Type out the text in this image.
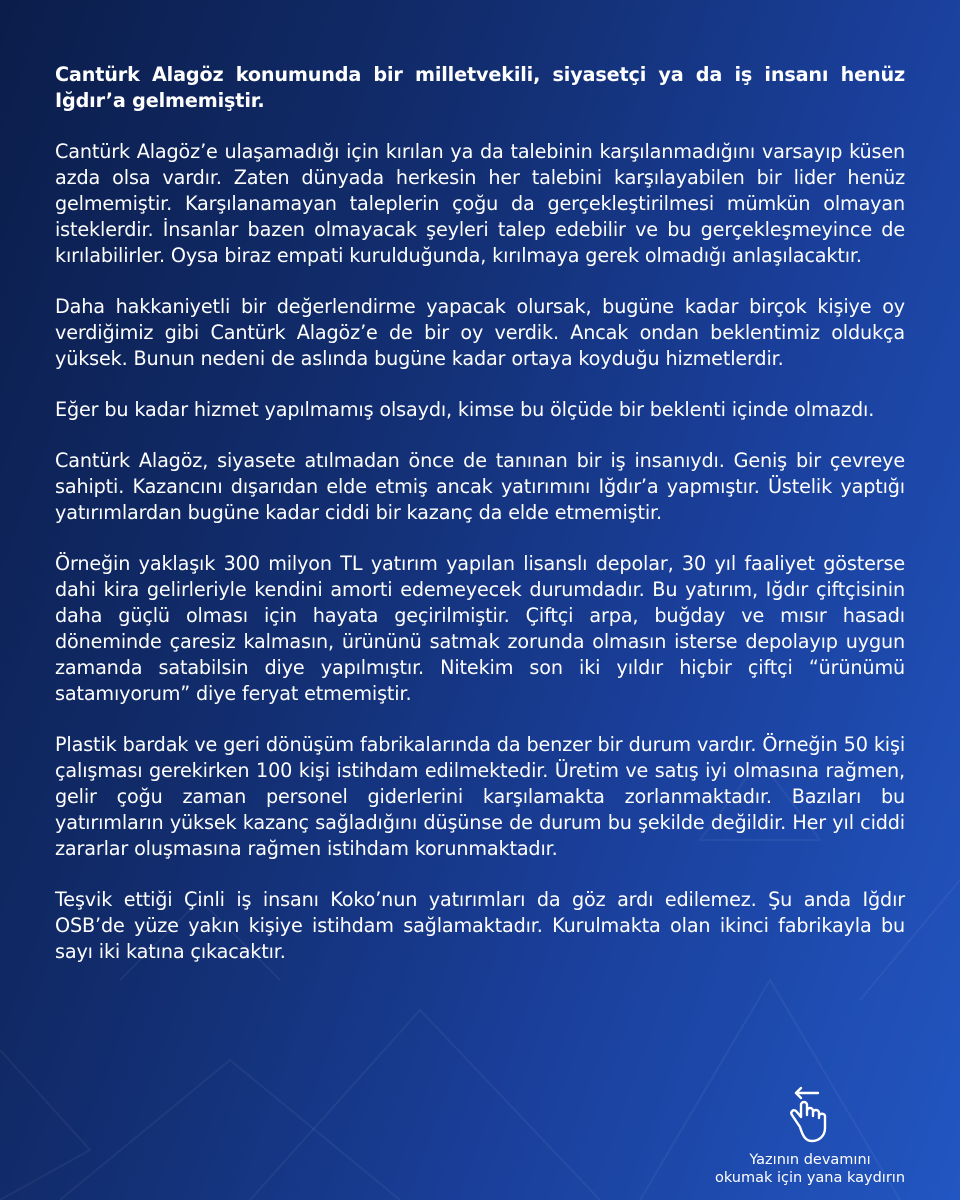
Cantürk Alagöz konumunda bir milletvekili, siyasetçi ya da iş insanı henüz Iğdır’a gelmemiştir.

Cantürk Alagöz’e ulaşamadığı için kırılan ya da talebinin karşılanmadığını varsayıp küsen azda olsa vardır. Zaten dünyada herkesin her talebini karşılayabilen bir lider henüz gelmemiştir. Karşılanamayan taleplerin çoğu da gerçekleştirilmesi mümkün olmayan isteklerdir. İnsanlar bazen olmayacak şeyleri talep edebilir ve bu gerçekleşmeyince de kırılabilirler. Oysa biraz empati kurulduğunda, kırılmaya gerek olmadığı anlaşılacaktır.

Daha hakkaniyetli bir değerlendirme yapacak olursak, bugüne kadar birçok kişiye oy verdiğimiz gibi Cantürk Alagöz’e de bir oy verdik. Ancak ondan beklentimiz oldukça yüksek. Bunun nedeni de aslında bugüne kadar ortaya koyduğu hizmetlerdir.

Eğer bu kadar hizmet yapılmamış olsaydı, kimse bu ölçüde bir beklenti içinde olmazdı.

Cantürk Alagöz, siyasete atılmadan önce de tanınan bir iş insanıydı. Geniş bir çevreye sahipti. Kazancını dışarıdan elde etmiş ancak yatırımını Iğdır’a yapmıştır. Üstelik yaptığı yatırımlardan bugüne kadar ciddi bir kazanç da elde etmemiştir.

Örneğin yaklaşık 300 milyon TL yatırım yapılan lisanslı depolar, 30 yıl faaliyet gösterse dahi kira gelirleriyle kendini amorti edemeyecek durumdadır. Bu yatırım, Iğdır çiftçisinin daha güçlü olması için hayata geçirilmiştir. Çiftçi arpa, buğday ve mısır hasadı döneminde çaresiz kalmasın, ürününü satmak zorunda olmasın isterse depolayıp uygun zamanda satabilsin diye yapılmıştır. Nitekim son iki yıldır hiçbir çiftçi “ürünümü satamıyorum” diye feryat etmemiştir.

Plastik bardak ve geri dönüşüm fabrikalarında da benzer bir durum vardır. Örneğin 50 kişi çalışması gerekirken 100 kişi istihdam edilmektedir. Üretim ve satış iyi olmasına rağmen, gelir çoğu zaman personel giderlerini karşılamakta zorlanmaktadır. Bazıları bu yatırımların yüksek kazanç sağladığını düşünse de durum bu şekilde değildir. Her yıl ciddi zararlar oluşmasına rağmen istihdam korunmaktadır.

Teşvik ettiği Çinli iş insanı Koko’nun yatırımları da göz ardı edilemez. Şu anda Iğdır OSB’de yüze yakın kişiye istihdam sağlamaktadır. Kurulmakta olan ikinci fabrikayla bu sayı iki katına çıkacaktır.

Yazının devamını
okumak için yana kaydırın
